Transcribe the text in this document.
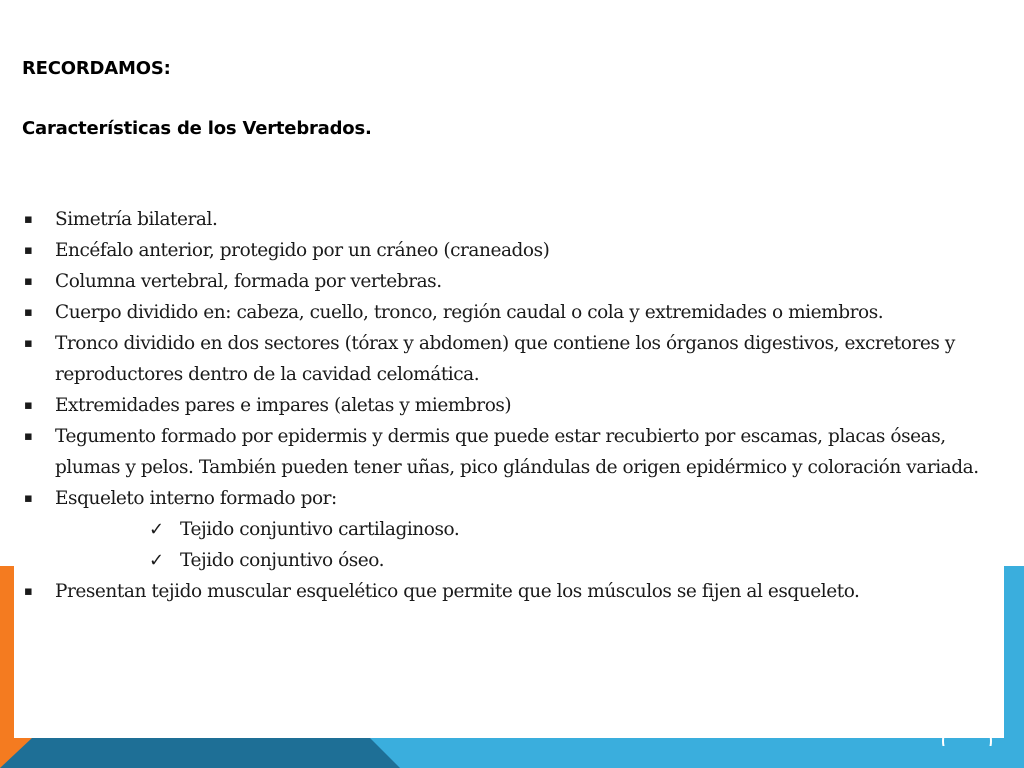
RECORDAMOS:
Características de los Vertebrados.
▪ Simetría bilateral.
▪ Encéfalo anterior, protegido por un cráneo (craneados)
▪ Columna vertebral, formada por vertebras.
▪ Cuerpo dividido en: cabeza, cuello, tronco, región caudal o cola y extremidades o miembros.
▪ Tronco dividido en dos sectores (tórax y abdomen) que contiene los órganos digestivos, excretores y reproductores dentro de la cavidad celomática.
▪ Extremidades pares e impares (aletas y miembros)
▪ Tegumento formado por epidermis y dermis que puede estar recubierto por escamas, placas óseas, plumas y pelos. También pueden tener uñas, pico glándulas de origen epidérmico y coloración variada.
▪ Esqueleto interno formado por:
✓ Tejido conjuntivo cartilaginoso.
✓ Tejido conjuntivo óseo.
▪ Presentan tejido muscular esquelético que permite que los músculos se fijen al esqueleto.
